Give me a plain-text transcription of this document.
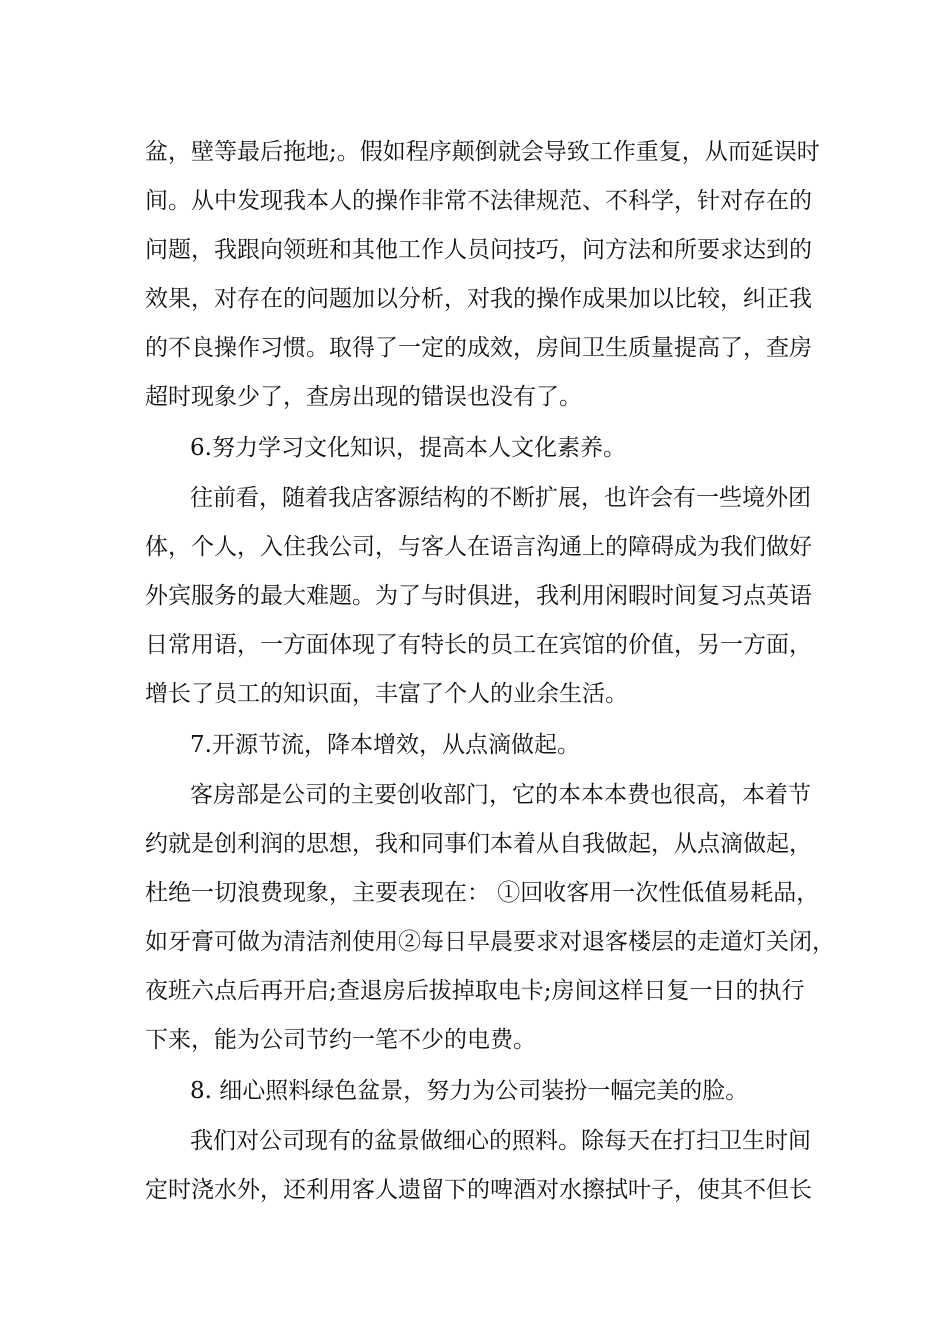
盆，壁等最后拖地;。假如程序颠倒就会导致工作重复，从而延误时
间。从中发现我本人的操作非常不法律规范、不科学，针对存在的
问题，我跟向领班和其他工作人员问技巧，问方法和所要求达到的
效果，对存在的问题加以分析，对我的操作成果加以比较，纠正我
的不良操作习惯。取得了一定的成效，房间卫生质量提高了，查房
超时现象少了，查房出现的错误也没有了。
6.努力学习文化知识，提高本人文化素养。
往前看，随着我店客源结构的不断扩展，也许会有一些境外团
体，个人，入住我公司，与客人在语言沟通上的障碍成为我们做好
外宾服务的最大难题。为了与时俱进，我利用闲暇时间复习点英语
日常用语，一方面体现了有特长的员工在宾馆的价值，另一方面，
增长了员工的知识面，丰富了个人的业余生活。
7.开源节流，降本增效，从点滴做起。
客房部是公司的主要创收部门，它的本本本费也很高，本着节
约就是创利润的思想，我和同事们本着从自我做起，从点滴做起，
杜绝一切浪费现象，主要表现在： ①回收客用一次性低值易耗品，
如牙膏可做为清洁剂使用②每日早晨要求对退客楼层的走道灯关闭，
夜班六点后再开启;查退房后拔掉取电卡;房间这样日复一日的执行
下来，能为公司节约一笔不少的电费。
8. 细心照料绿色盆景，努力为公司装扮一幅完美的脸。
我们对公司现有的盆景做细心的照料。除每天在打扫卫生时间
定时浇水外，还利用客人遗留下的啤酒对水擦拭叶子，使其不但长
